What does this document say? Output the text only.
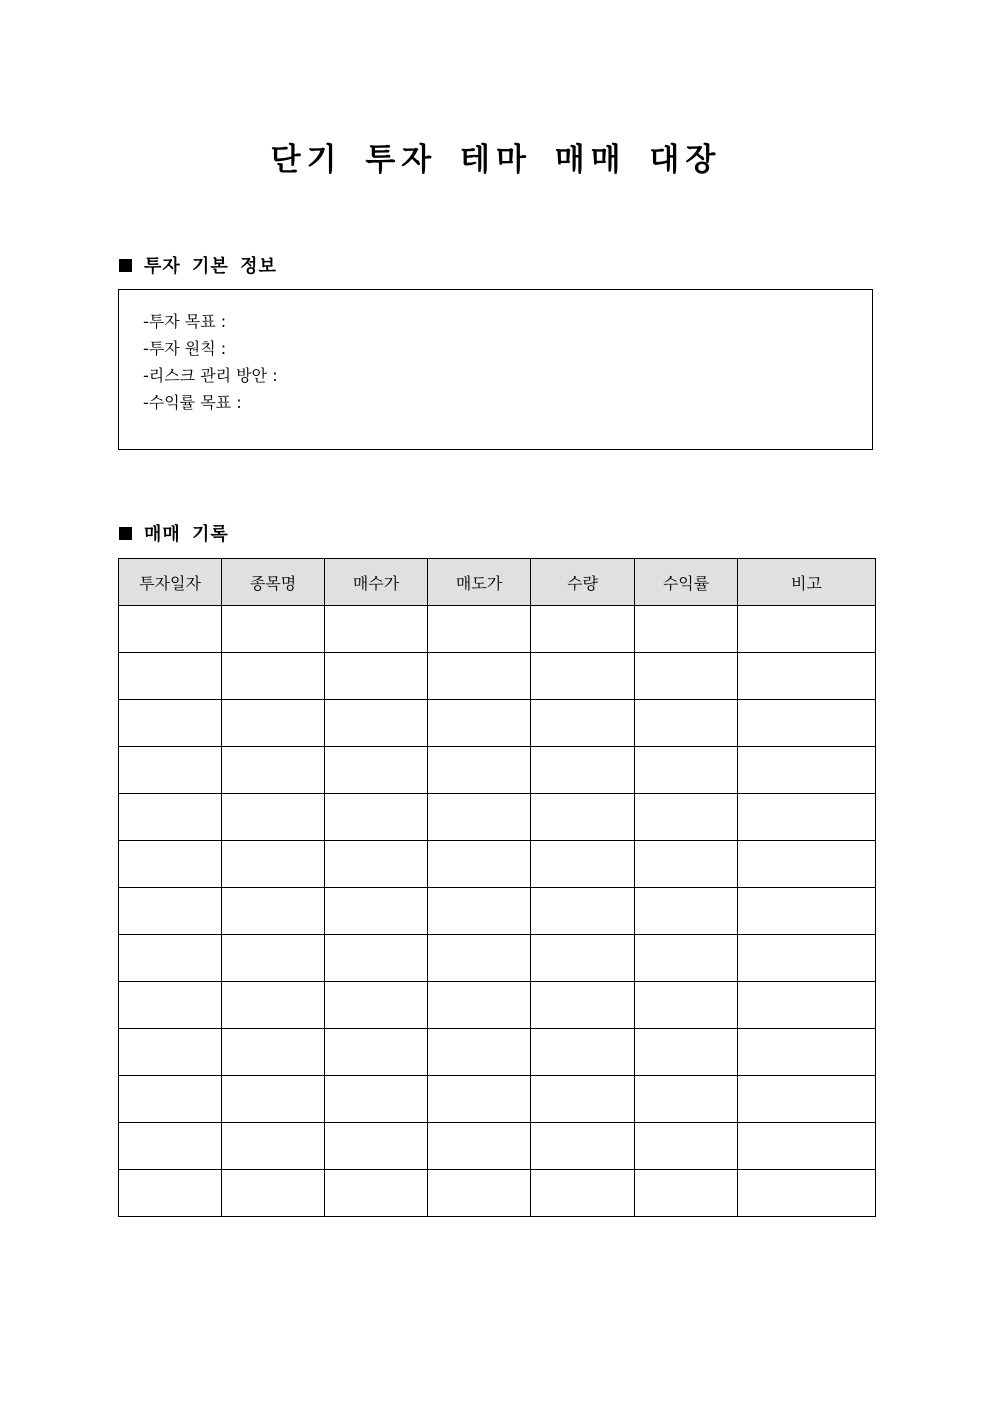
단기 투자 테마 매매 대장
투자 기본 정보
-투자 목표 :
-투자 원칙 :
-리스크 관리 방안 :
-수익률 목표 :
매매 기록
투자일자	종목명	매수가	매도가	수량	수익률	비고
